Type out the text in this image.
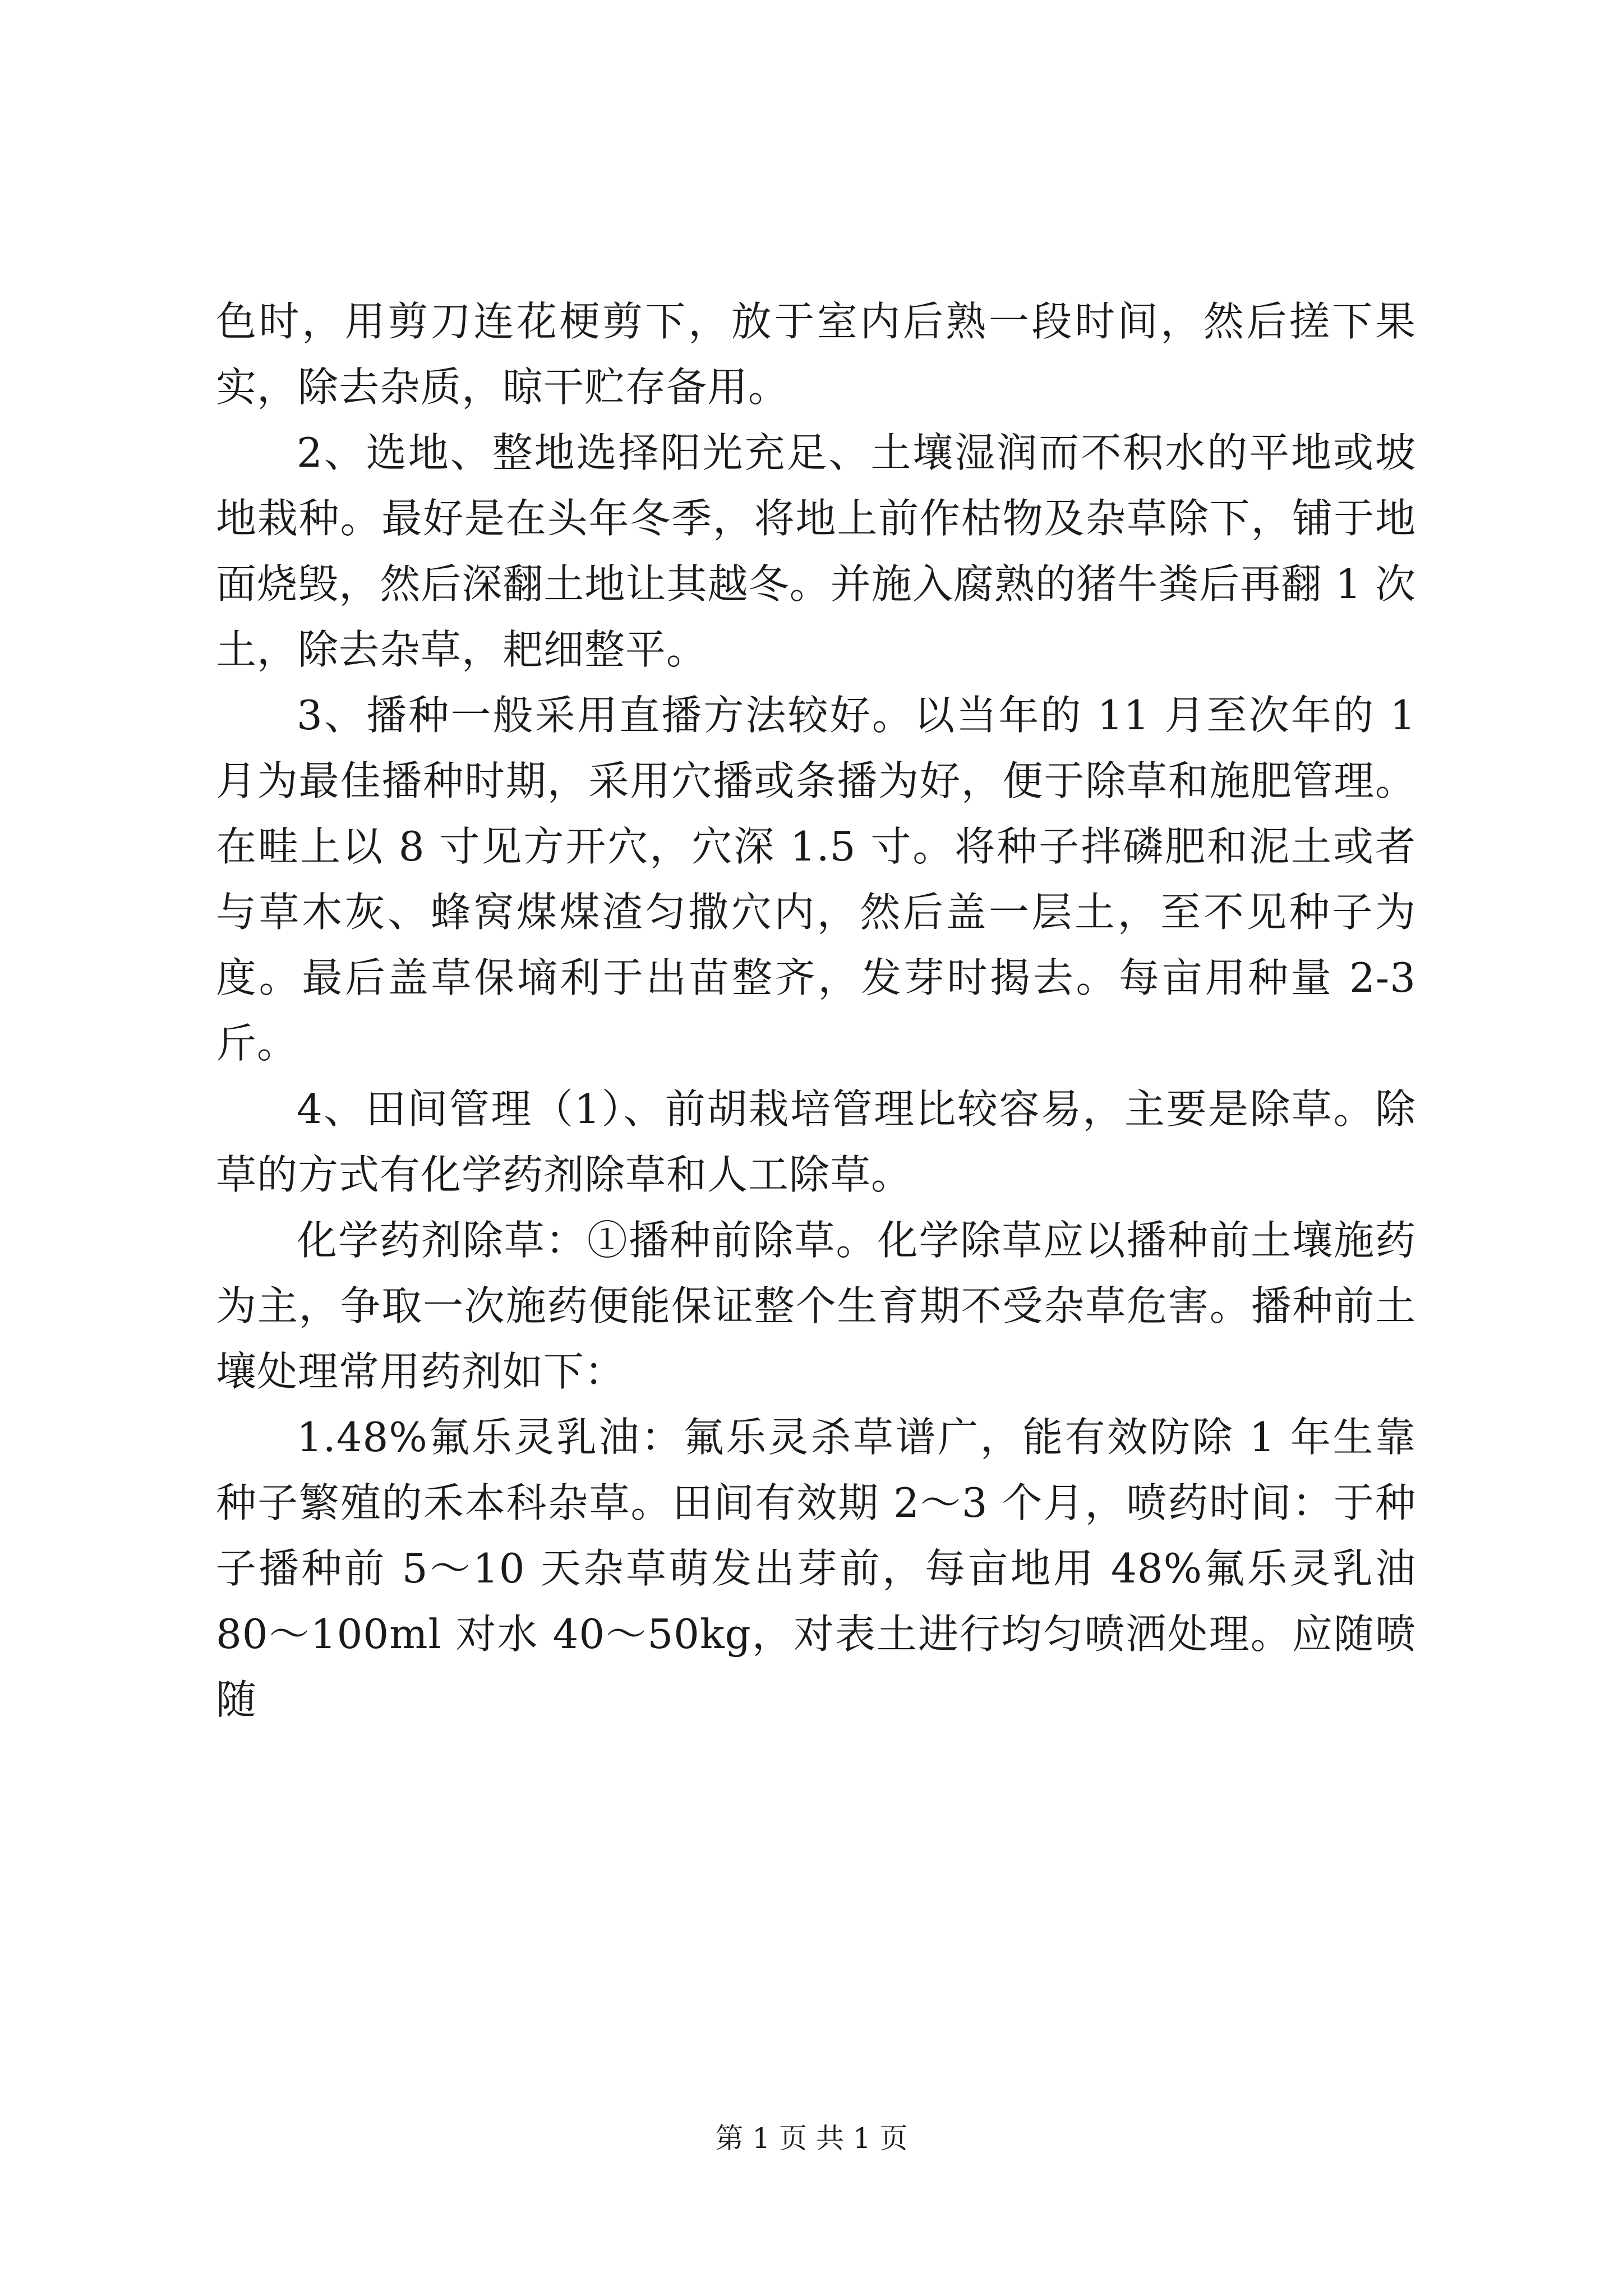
色时，用剪刀连花梗剪下，放于室内后熟一段时间，然后搓下果实，除去杂质，晾干贮存备用。

2、选地、整地选择阳光充足、土壤湿润而不积水的平地或坡地栽种。最好是在头年冬季，将地上前作枯物及杂草除下，铺于地面烧毁，然后深翻土地让其越冬。并施入腐熟的猪牛粪后再翻 1 次土，除去杂草，耙细整平。

3、播种一般采用直播方法较好。以当年的 11 月至次年的 1 月为最佳播种时期，采用穴播或条播为好，便于除草和施肥管理。在畦上以 8 寸见方开穴，穴深 1.5 寸。将种子拌磷肥和泥土或者与草木灰、蜂窝煤煤渣匀撒穴内，然后盖一层土，至不见种子为度。最后盖草保墒利于出苗整齐，发芽时揭去。每亩用种量 2-3 斤。

4、田间管理（1）、前胡栽培管理比较容易，主要是除草。除草的方式有化学药剂除草和人工除草。

化学药剂除草：①播种前除草。化学除草应以播种前土壤施药为主，争取一次施药便能保证整个生育期不受杂草危害。播种前土壤处理常用药剂如下：

1.48%氟乐灵乳油：氟乐灵杀草谱广，能有效防除 1 年生靠种子繁殖的禾本科杂草。田间有效期 2～3 个月，喷药时间：于种子播种前 5～10 天杂草萌发出芽前，每亩地用 48%氟乐灵乳油 80～100ml 对水 40～50kg，对表土进行均匀喷洒处理。应随喷随

第 1 页 共 1 页
